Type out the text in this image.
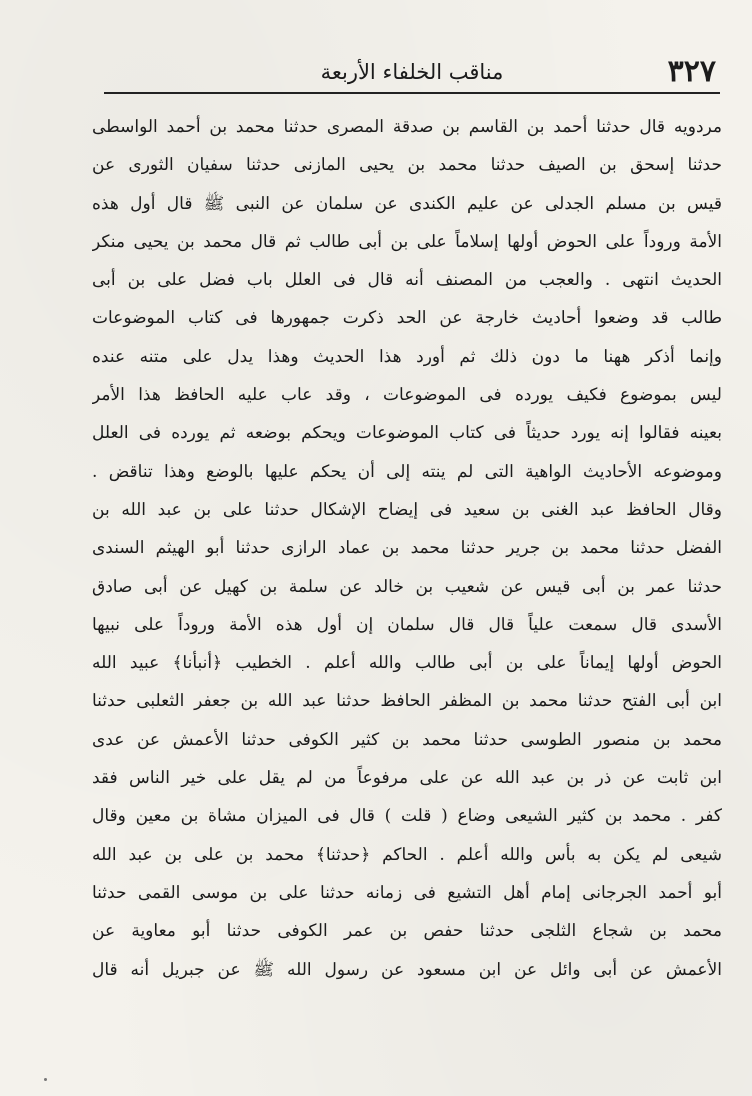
٣٢٧
مناقب الخلفاء الأربعة
مردويه قال حدثنا أحمد بن القاسم بن صدقة المصرى حدثنا محمد بن أحمد الواسطى
حدثنا إسحق بن الصيف حدثنا محمد بن يحيى المازنى حدثنا سفيان الثورى عن
قيس بن مسلم الجدلى عن عليم الكندى عن سلمان عن النبى ﷺ قال أول هذه
الأمة وروداً على الحوض أولها إسلاماً على بن أبى طالب ثم قال محمد بن يحيى منكر
الحديث انتهى . والعجب من المصنف أنه قال فى العلل باب فضل على بن أبى
طالب قد وضعوا أحاديث خارجة عن الحد ذكرت جمهورها فى كتاب الموضوعات
وإنما أذكر ههنا ما دون ذلك ثم أورد هذا الحديث وهذا يدل على متنه عنده
ليس بموضوع فكيف يورده فى الموضوعات ، وقد عاب عليه الحافظ هذا الأمر
بعينه فقالوا إنه يورد حديثاً فى كتاب الموضوعات ويحكم بوضعه ثم يورده فى العلل
وموضوعه الأحاديث الواهية التى لم ينته إلى أن يحكم عليها بالوضع وهذا تناقض .
وقال الحافظ عبد الغنى بن سعيد فى إيضاح الإشكال حدثنا على بن عبد الله بن
الفضل حدثنا محمد بن جرير حدثنا محمد بن عماد الرازى حدثنا أبو الهيثم السندى
حدثنا عمر بن أبى قيس عن شعيب بن خالد عن سلمة بن كهيل عن أبى صادق
الأسدى قال سمعت علياً قال قال سلمان إن أول هذه الأمة وروداً على نبيها
الحوض أولها إيماناً على بن أبى طالب والله أعلم . الخطيب ﴿أنبأنا﴾ عبيد الله
ابن أبى الفتح حدثنا محمد بن المظفر الحافظ حدثنا عبد الله بن جعفر الثعلبى حدثنا
محمد بن منصور الطوسى حدثنا محمد بن كثير الكوفى حدثنا الأعمش عن عدى
ابن ثابت عن ذر بن عبد الله عن على مرفوعاً من لم يقل على خير الناس فقد
كفر . محمد بن كثير الشيعى وضاع ( قلت ) قال فى الميزان مشاة بن معين وقال
شيعى لم يكن به بأس والله أعلم . الحاكم ﴿حدثنا﴾ محمد بن على بن عبد الله
أبو أحمد الجرجانى إمام أهل التشيع فى زمانه حدثنا على بن موسى القمى حدثنا
محمد بن شجاع الثلجى حدثنا حفص بن عمر الكوفى حدثنا أبو معاوية عن
الأعمش عن أبى وائل عن ابن مسعود عن رسول الله ﷺ عن جبريل أنه قال
